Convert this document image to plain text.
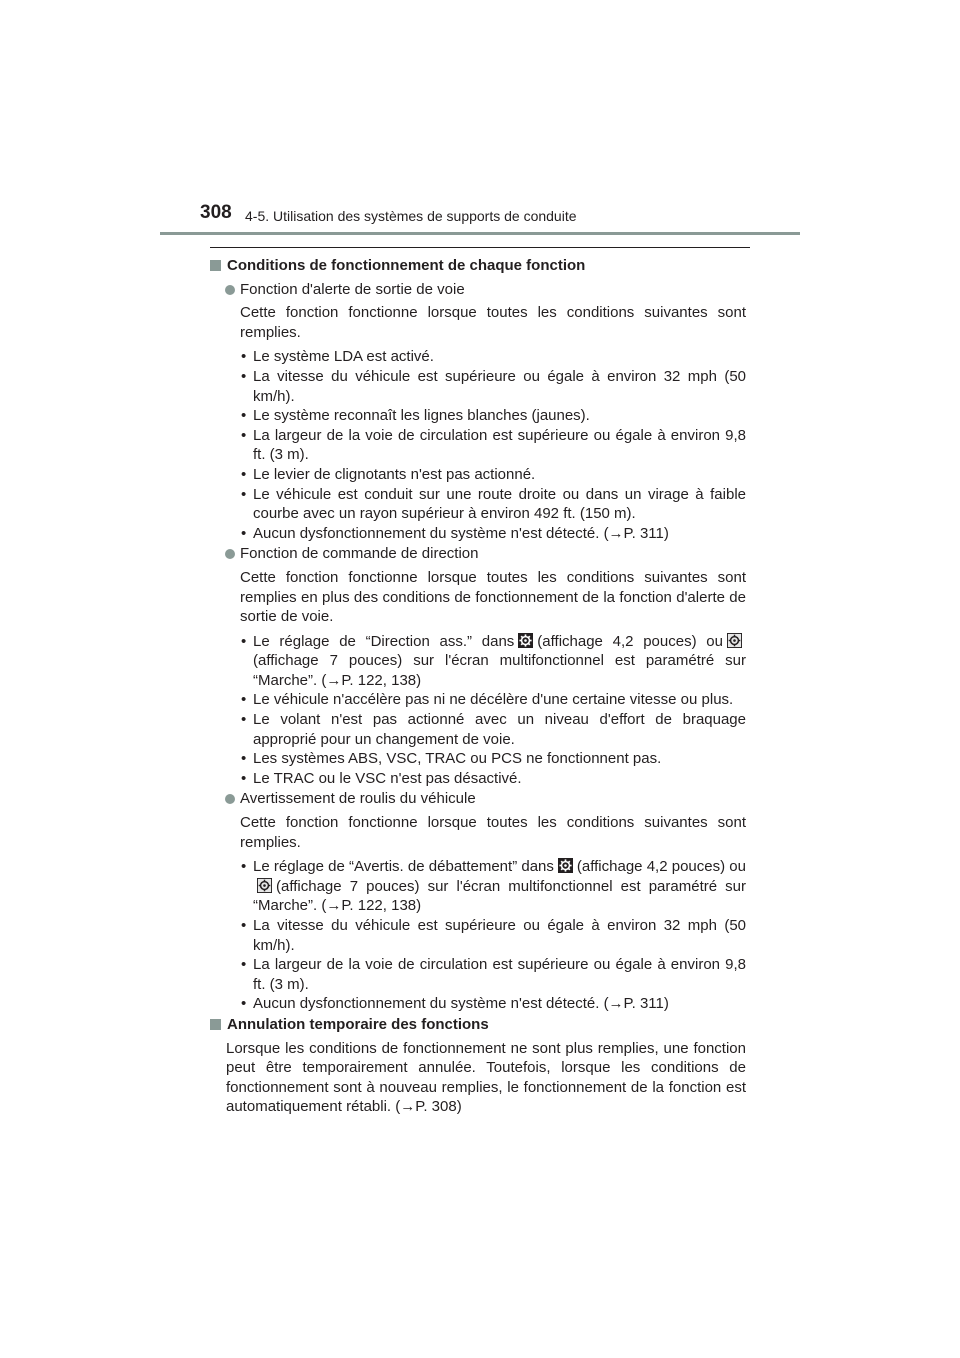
308 4-5. Utilisation des systèmes de supports de conduite
Conditions de fonctionnement de chaque fonction
Fonction d'alerte de sortie de voie
Cette fonction fonctionne lorsque toutes les conditions suivantes sont remplies.
• Le système LDA est activé.
• La vitesse du véhicule est supérieure ou égale à environ 32 mph (50 km/h).
• Le système reconnaît les lignes blanches (jaunes).
• La largeur de la voie de circulation est supérieure ou égale à environ 9,8 ft. (3 m).
• Le levier de clignotants n'est pas actionné.
• Le véhicule est conduit sur une route droite ou dans un virage à faible courbe avec un rayon supérieur à environ 492 ft. (150 m).
• Aucun dysfonctionnement du système n'est détecté. (→P. 311)
Fonction de commande de direction
Cette fonction fonctionne lorsque toutes les conditions suivantes sont remplies en plus des conditions de fonctionnement de la fonction d'alerte de sortie de voie.
• Le réglage de “Direction ass.” dans (affichage 4,2 pouces) ou(affichage 7 pouces) sur l'écran multifonctionnel est paramétré sur “Marche”. (→P. 122, 138)
• Le véhicule n'accélère pas ni ne décélère d'une certaine vitesse ou plus.
• Le volant n'est pas actionné avec un niveau d'effort de braquage approprié pour un changement de voie.
• Les systèmes ABS, VSC, TRAC ou PCS ne fonctionnent pas.
• Le TRAC ou le VSC n'est pas désactivé.
Avertissement de roulis du véhicule
Cette fonction fonctionne lorsque toutes les conditions suivantes sont remplies.
• Le réglage de “Avertis. de débattement” dans (affichage 4,2 pouces) ou(affichage 7 pouces) sur l'écran multifonctionnel est paramétré sur “Marche”. (→P. 122, 138)
• La vitesse du véhicule est supérieure ou égale à environ 32 mph (50 km/h).
• La largeur de la voie de circulation est supérieure ou égale à environ 9,8 ft. (3 m).
• Aucun dysfonctionnement du système n'est détecté. (→P. 311)
Annulation temporaire des fonctions
Lorsque les conditions de fonctionnement ne sont plus remplies, une fonction peut être temporairement annulée. Toutefois, lorsque les conditions de fonctionnement sont à nouveau remplies, le fonctionnement de la fonction est automatiquement rétabli. (→P. 308)
